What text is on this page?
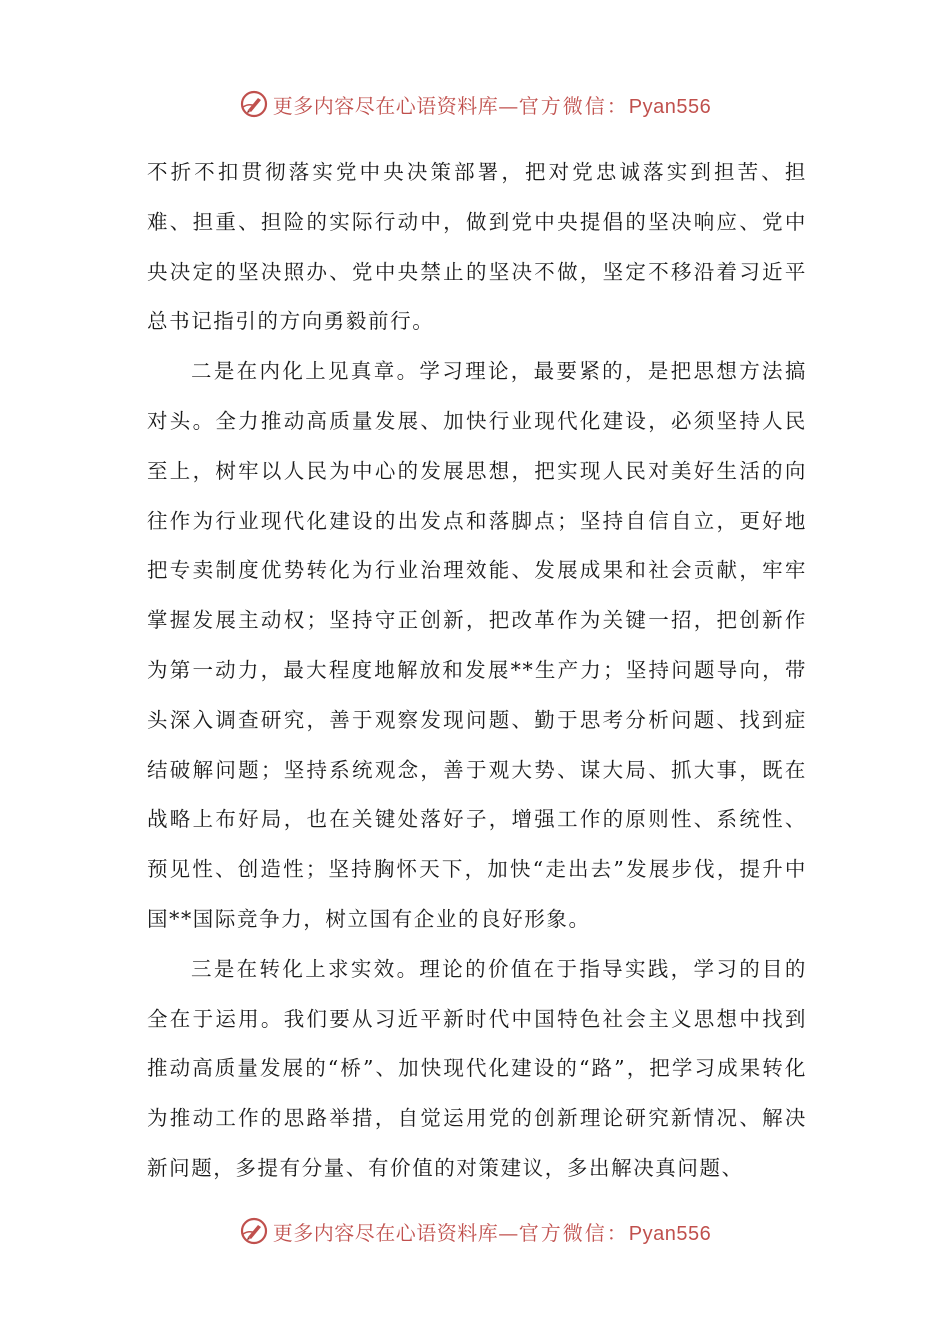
更多内容尽在心语资料库—官方微信：Pyan556

不折不扣贯彻落实党中央决策部署，把对党忠诚落实到担苦、担难、担重、担险的实际行动中，做到党中央提倡的坚决响应、党中央决定的坚决照办、党中央禁止的坚决不做，坚定不移沿着习近平总书记指引的方向勇毅前行。

二是在内化上见真章。学习理论，最要紧的，是把思想方法搞对头。全力推动高质量发展、加快行业现代化建设，必须坚持人民至上，树牢以人民为中心的发展思想，把实现人民对美好生活的向往作为行业现代化建设的出发点和落脚点；坚持自信自立，更好地把专卖制度优势转化为行业治理效能、发展成果和社会贡献，牢牢掌握发展主动权；坚持守正创新，把改革作为关键一招，把创新作为第一动力，最大程度地解放和发展**生产力；坚持问题导向，带头深入调查研究，善于观察发现问题、勤于思考分析问题、找到症结破解问题；坚持系统观念，善于观大势、谋大局、抓大事，既在战略上布好局，也在关键处落好子，增强工作的原则性、系统性、预见性、创造性；坚持胸怀天下，加快“走出去”发展步伐，提升中国**国际竞争力，树立国有企业的良好形象。

三是在转化上求实效。理论的价值在于指导实践，学习的目的全在于运用。我们要从习近平新时代中国特色社会主义思想中找到推动高质量发展的“桥”、加快现代化建设的“路”，把学习成果转化为推动工作的思路举措，自觉运用党的创新理论研究新情况、解决新问题，多提有分量、有价值的对策建议，多出解决真问题、

更多内容尽在心语资料库—官方微信：Pyan556
